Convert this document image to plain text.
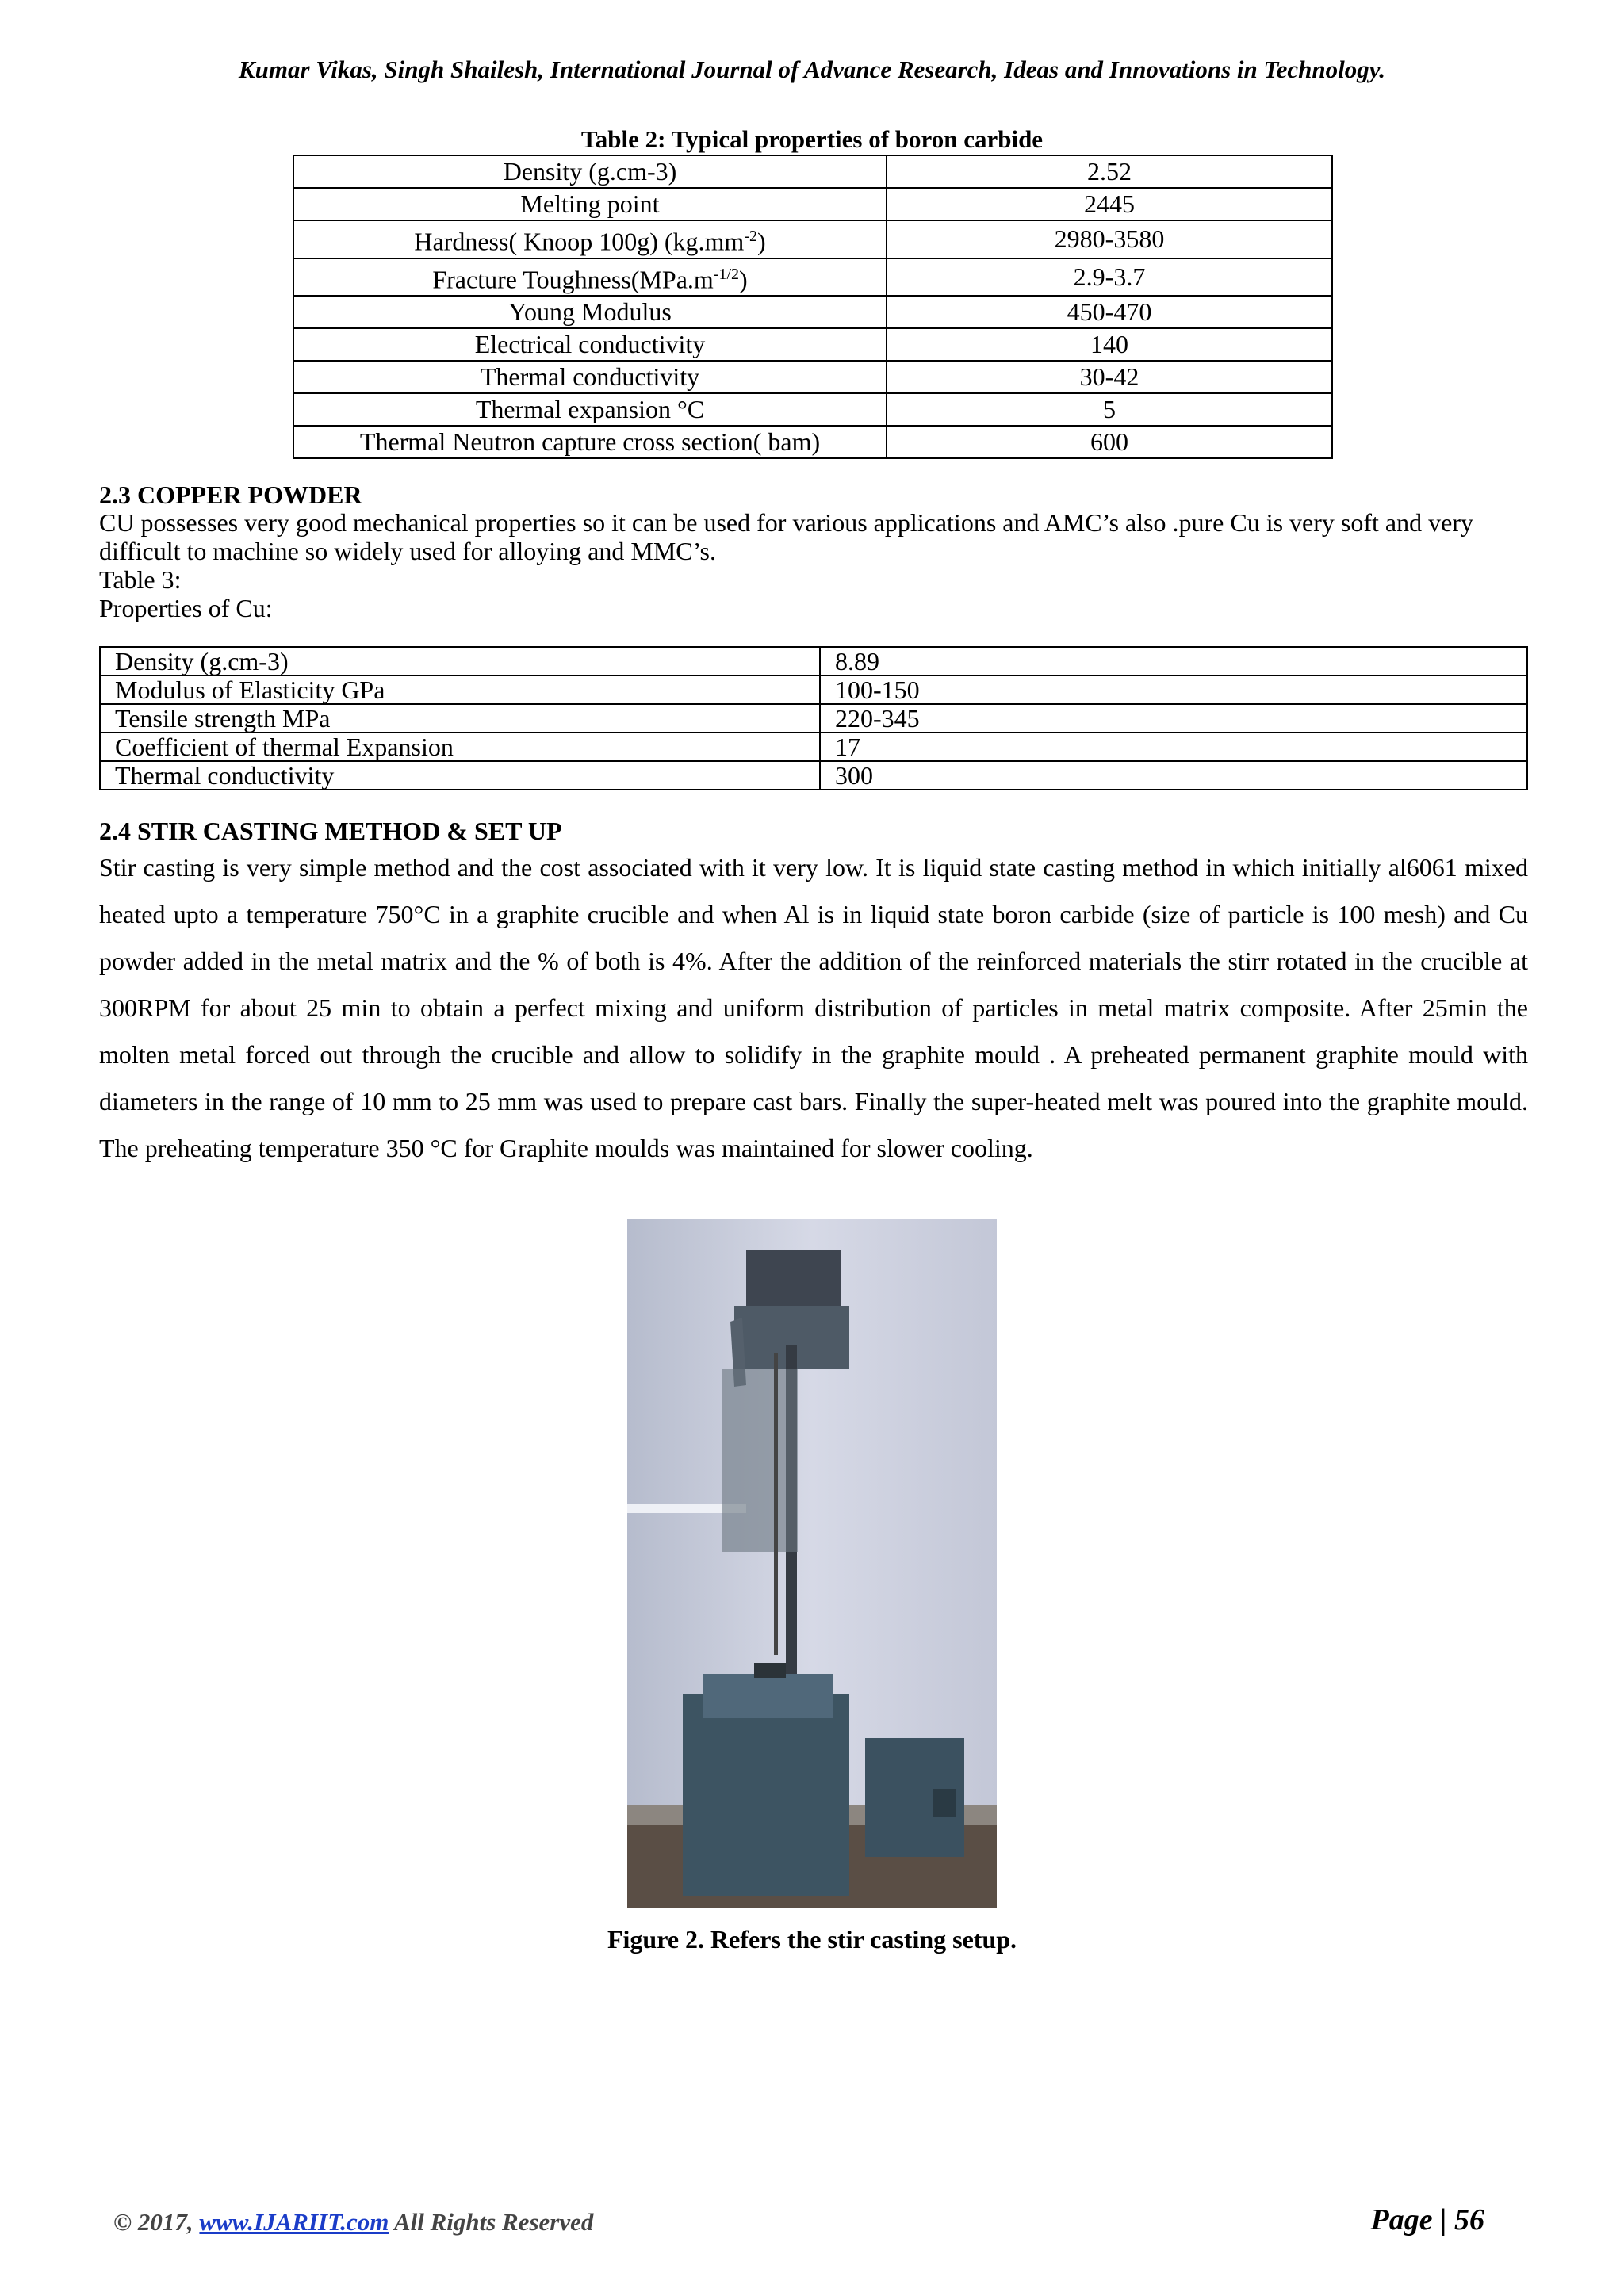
Kumar Vikas, Singh Shailesh, International Journal of Advance Research, Ideas and Innovations in Technology.
Table 2: Typical properties of boron carbide
Density (g.cm-3)	2.52
Melting point	2445
Hardness( Knoop 100g) $(kg.mm^{-2})$	2980-3580
Fracture $Toughness(MPa.m^{-1/2})$	2.9-3.7
Young Modulus	450-470
Electrical conductivity	140
Thermal conductivity	30-42
Thermal expansion °C	5
Thermal Neutron capture cross section( bam)	600
2.3 COPPER POWDER

CU possesses very good mechanical properties so it can be used for various applications and AMC’s also .pure Cu is very soft and very difficult to machine so widely used for alloying and MMC’s.

Table 3:

Properties of Cu:

Density (g.cm-3)	8.89
Modulus of Elasticity GPa	100-150
Tensile strength MPa	220-345
Coefficient of thermal Expansion	17
Thermal conductivity	300
2.4 STIR CASTING METHOD & SET UP
Stir casting is very simple method and the cost associated with it very low. It is liquid state casting method in which initially al6061 mixed heated upto a temperature 750°C in a graphite crucible and when Al is in liquid state boron carbide (size of particle is 100 mesh) and Cu powder added in the metal matrix and the % of both is 4%. After the addition of the reinforced materials the stirr rotated in the crucible at 300RPM for about 25 min to obtain a perfect mixing and uniform distribution of particles in metal matrix composite. After 25min the molten metal forced out through the crucible and allow to solidify in the graphite mould . A preheated permanent graphite mould with diameters in the range of 10 mm to 25 mm was used to prepare cast bars. Finally the super-heated melt was poured into the graphite mould. The preheating temperature 350 °C for Graphite moulds was maintained for slower cooling.
Figure 2. Refers the stir casting setup.
© 2017, www.IJARIIT.com All Rights Reserved	Page | 56
